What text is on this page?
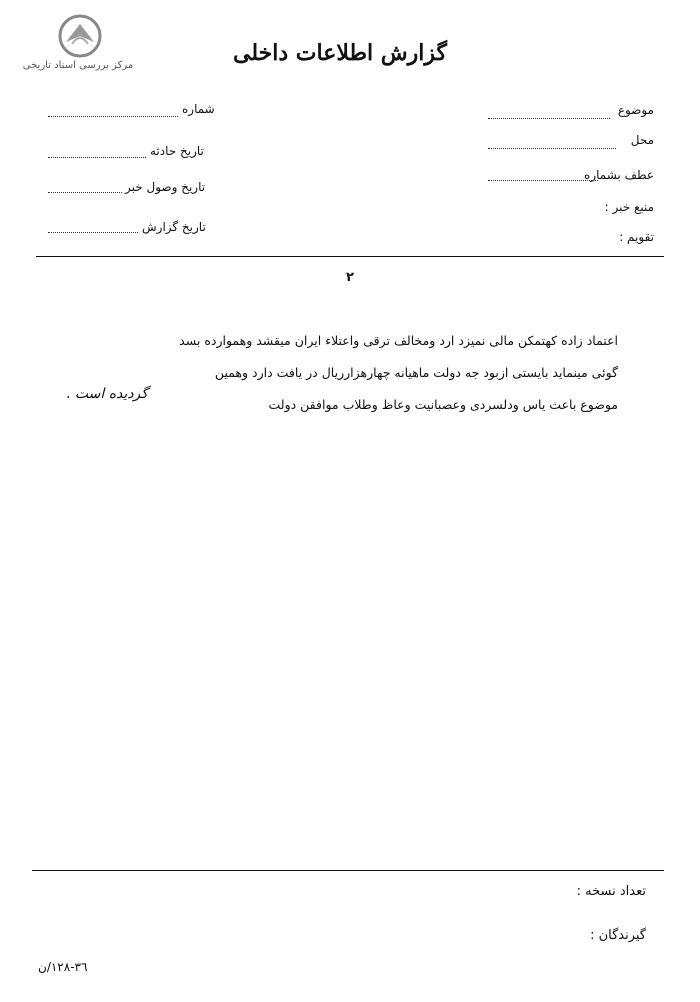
مرکز بررسی اسناد تاریخی	گزارش اطلاعات داخلی
موضوع
محل
عطف بشماره
منبع خبر :
تقویم :
شماره
تاریخ حادثه
تاریخ وصول خبر
تاریخ گزارش
٢
اعتماد زاده کهتمکن مالی نمیزد ارد ومخالف ترقی واعتلاء ایران میقشد وهموارده بسد
گوئی مینماید بایستی ازبود جه دولت ماهیانه چهارهزارریال در یافت دارد وهمین
موضوع باعث یاس ودلسردی وعصبانیت وعاظ وطلاب موافقن دولت
گردیده است .
تعداد نسخه :
گیرندگان :
٣٦-١٢٨/ن
